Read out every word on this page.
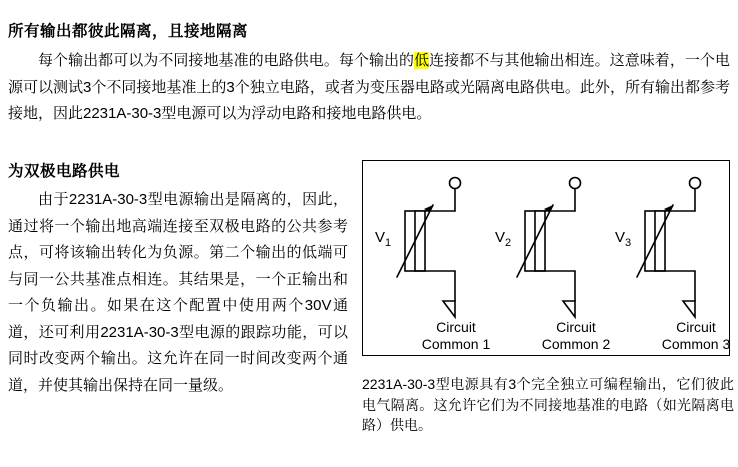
所有输出都彼此隔离，且接地隔离

每个输出都可以为不同接地基准的电路供电。每个输出的低连接都不与其他输出相连。这意味着，一个电源可以测试3个不同接地基准上的3个独立电路，或者为变压器电路或光隔离电路供电。此外，所有输出都参考接地，因此2231A-30-3型电源可以为浮动电路和接地电路供电。

为双极电路供电

由于2231A-30-3型电源输出是隔离的，因此，通过将一个输出地高端连接至双极电路的公共参考点，可将该输出转化为负源。第二个输出的低端可与同一公共基准点相连。其结果是，一个正输出和一个负输出。如果在这个配置中使用两个30V通道，还可利用2231A-30-3型电源的跟踪功能，可以同时改变两个输出。这允许在同一时间改变两个通道，并使其输出保持在同一量级。

$V_1$	$V_2$	$V_3$
Circuit
Common 1
Circuit
Common 2
Circuit
Common 3

2231A-30-3型电源具有3个完全独立可编程输出，它们彼此电气隔离。这允许它们为不同接地基准的电路（如光隔离电路）供电。
